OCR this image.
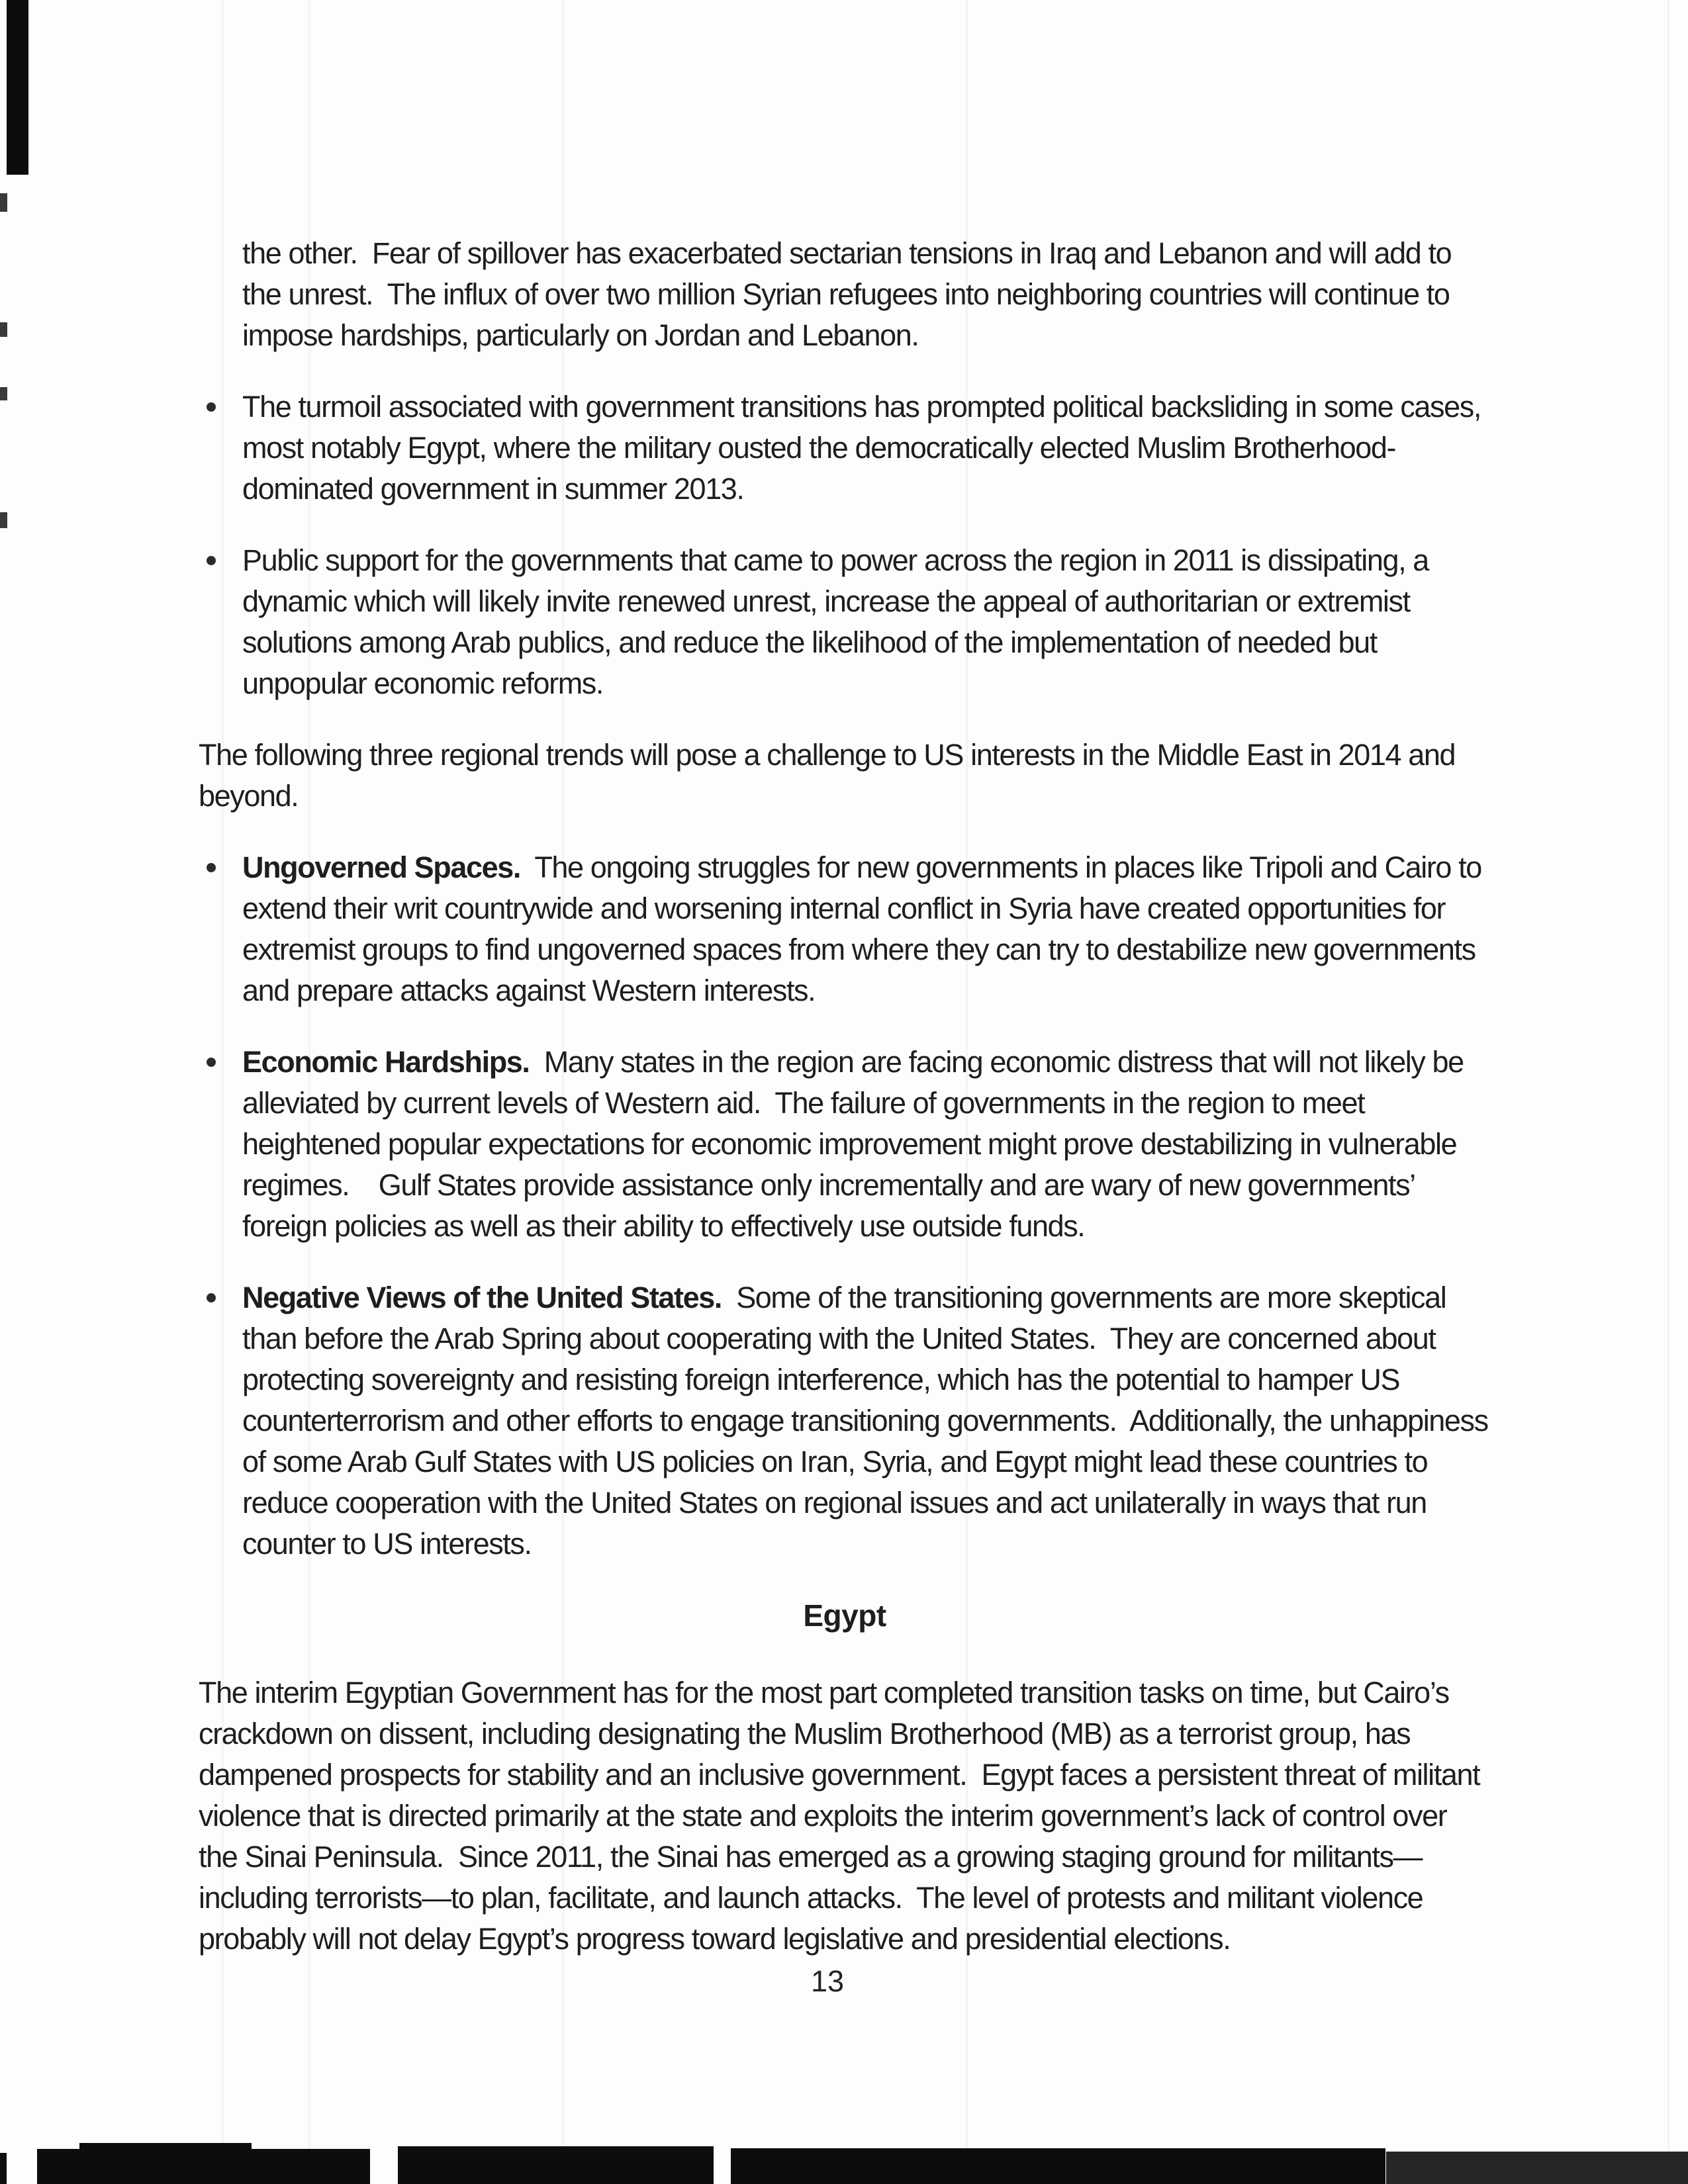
the other.  Fear of spillover has exacerbated sectarian tensions in Iraq and Lebanon and will add to the unrest.  The influx of over two million Syrian refugees into neighboring countries will continue to impose hardships, particularly on Jordan and Lebanon.

The turmoil associated with government transitions has prompted political backsliding in some cases, most notably Egypt, where the military ousted the democratically elected Muslim Brotherhood-dominated government in summer 2013.
Public support for the governments that came to power across the region in 2011 is dissipating, a dynamic which will likely invite renewed unrest, increase the appeal of authoritarian or extremist solutions among Arab publics, and reduce the likelihood of the implementation of needed but unpopular economic reforms.

The following three regional trends will pose a challenge to US interests in the Middle East in 2014 and beyond.

Ungoverned Spaces.  The ongoing struggles for new governments in places like Tripoli and Cairo to extend their writ countrywide and worsening internal conflict in Syria have created opportunities for extremist groups to find ungoverned spaces from where they can try to destabilize new governments and prepare attacks against Western interests.
Economic Hardships.  Many states in the region are facing economic distress that will not likely be alleviated by current levels of Western aid.  The failure of governments in the region to meet heightened popular expectations for economic improvement might prove destabilizing in vulnerable regimes.    Gulf States provide assistance only incrementally and are wary of new governments’ foreign policies as well as their ability to effectively use outside funds.
Negative Views of the United States.  Some of the transitioning governments are more skeptical than before the Arab Spring about cooperating with the United States.  They are concerned about protecting sovereignty and resisting foreign interference, which has the potential to hamper US counterterrorism and other efforts to engage transitioning governments.  Additionally, the unhappiness of some Arab Gulf States with US policies on Iran, Syria, and Egypt might lead these countries to reduce cooperation with the United States on regional issues and act unilaterally in ways that run counter to US interests.
Egypt

The interim Egyptian Government has for the most part completed transition tasks on time, but Cairo’s crackdown on dissent, including designating the Muslim Brotherhood (MB) as a terrorist group, has dampened prospects for stability and an inclusive government.  Egypt faces a persistent threat of militant violence that is directed primarily at the state and exploits the interim government’s lack of control over the Sinai Peninsula.  Since 2011, the Sinai has emerged as a growing staging ground for militants—including terrorists—to plan, facilitate, and launch attacks.  The level of protests and militant violence probably will not delay Egypt’s progress toward legislative and presidential elections.

13
